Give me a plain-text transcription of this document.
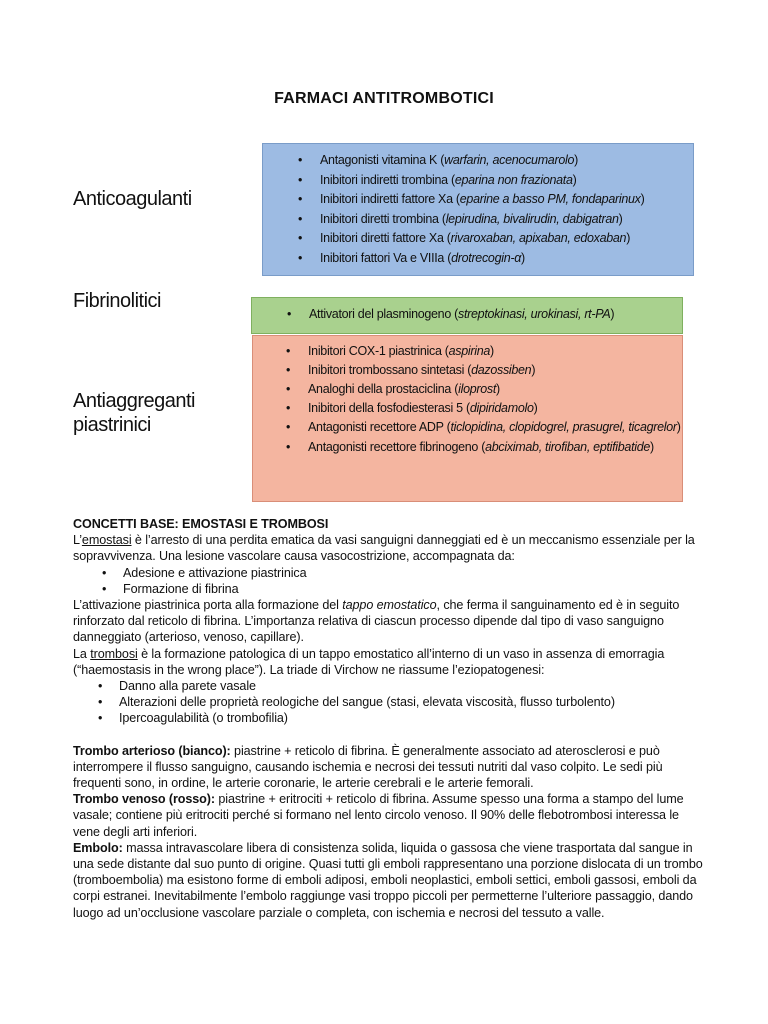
FARMACI ANTITROMBOTICI
Anticoagulanti
Fibrinolitici
Antiaggreganti
piastrinici
• Antagonisti vitamina K (warfarin, acenocumarolo)
• Inibitori indiretti trombina (eparina non frazionata)
• Inibitori indiretti fattore Xa (eparine a basso PM, fondaparinux)
• Inibitori diretti trombina (lepirudina, bivalirudin, dabigatran)
• Inibitori diretti fattore Xa (rivaroxaban, apixaban, edoxaban)
• Inibitori fattori Va e VIIIa (drotrecogin-α)
• Attivatori del plasminogeno (streptokinasi, urokinasi, rt-PA)
• Inibitori COX-1 piastrinica (aspirina)
• Inibitori trombossano sintetasi (dazossiben)
• Analoghi della prostaciclina (iloprost)
• Inibitori della fosfodiesterasi 5 (dipiridamolo)
• Antagonisti recettore ADP (ticlopidina, clopidogrel, prasugrel, ticagrelor)
• Antagonisti recettore fibrinogeno (abciximab, tirofiban, eptifibatide)

CONCETTI BASE: EMOSTASI E TROMBOSI

L’emostasi è l’arresto di una perdita ematica da vasi sanguigni danneggiati ed è un meccanismo essenziale per la sopravvivenza. Una lesione vascolare causa vasocostrizione, accompagnata da:

• Adesione e attivazione piastrinica
• Formazione di fibrina

L’attivazione piastrinica porta alla formazione del tappo emostatico, che ferma il sanguinamento ed è in seguito rinforzato dal reticolo di fibrina. L’importanza relativa di ciascun processo dipende dal tipo di vaso sanguigno danneggiato (arterioso, venoso, capillare).

La trombosi è la formazione patologica di un tappo emostatico all’interno di un vaso in assenza di emorragia (“haemostasis in the wrong place”). La triade di Virchow ne riassume l’eziopatogenesi:

• Danno alla parete vasale
• Alterazioni delle proprietà reologiche del sangue (stasi, elevata viscosità, flusso turbolento)
• Ipercoagulabilità (o trombofilia)

Trombo arterioso (bianco): piastrine + reticolo di fibrina. È generalmente associato ad aterosclerosi e può interrompere il flusso sanguigno, causando ischemia e necrosi dei tessuti nutriti dal vaso colpito. Le sedi più frequenti sono, in ordine, le arterie coronarie, le arterie cerebrali e le arterie femorali.

Trombo venoso (rosso): piastrine + eritrociti + reticolo di fibrina. Assume spesso una forma a stampo del lume vasale; contiene più eritrociti perché si formano nel lento circolo venoso. Il 90% delle flebotrombosi interessa le vene degli arti inferiori.

Embolo: massa intravascolare libera di consistenza solida, liquida o gassosa che viene trasportata dal sangue in una sede distante dal suo punto di origine. Quasi tutti gli emboli rappresentano una porzione dislocata di un trombo (tromboembolia) ma esistono forme di emboli adiposi, emboli neoplastici, emboli settici, emboli gassosi, emboli da corpi estranei. Inevitabilmente l’embolo raggiunge vasi troppo piccoli per permetterne l’ulteriore passaggio, dando luogo ad un’occlusione vascolare parziale o completa, con ischemia e necrosi del tessuto a valle.
